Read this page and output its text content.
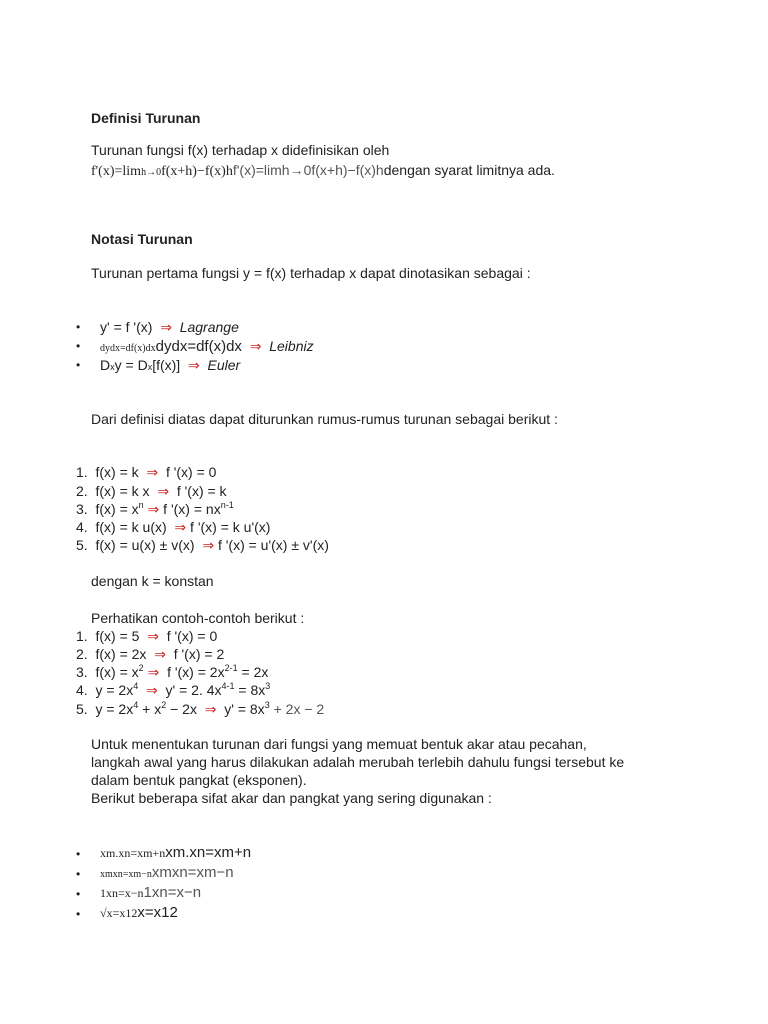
Definisi Turunan
Turunan fungsi f(x) terhadap x didefinisikan oleh
f'(x)=limh→0f(x+h)−f(x)hf'(x)=limh→0f(x+h)−f(x)hdengan syarat limitnya ada.
Notasi Turunan
Turunan pertama fungsi y = f(x) terhadap x dapat dinotasikan sebagai :
• y' = f '(x) ⇒ Lagrange
• dydx=df(x)dxdydx=df(x)dx ⇒ Leibniz
• Dxy = Dx[f(x)] ⇒ Euler
Dari definisi diatas dapat diturunkan rumus-rumus turunan sebagai berikut :
1. f(x) = k ⇒ f '(x) = 0
2. f(x) = k x ⇒ f '(x) = k
3. $f(x) = x^n$ ⇒ f '$(x) = nx^{n-1}$
4. f(x) = k u(x) ⇒ f '(x) = k u'(x)
5. f(x) = u(x) ± v(x) ⇒ f '(x) = u'(x) ± v'(x)
dengan k = konstan
Perhatikan contoh-contoh berikut :
1. f(x) = 5 ⇒ f '(x) = 0
2. f(x) = 2x ⇒ f '(x) = 2
3. $f(x) = x^2$ ⇒ f '$(x) = 2x^{2-1} = 2x$
4. $y = 2x^4$ ⇒ y' = 2. $4x^{4-1} = 8x^3$
5. $y = 2x^4 + x^2 - 2x$ ⇒ $y' = 8x^3 + 2x - 2$
Untuk menentukan turunan dari fungsi yang memuat bentuk akar atau pecahan,
langkah awal yang harus dilakukan adalah merubah terlebih dahulu fungsi tersebut ke
dalam bentuk pangkat (eksponen).
Berikut beberapa sifat akar dan pangkat yang sering digunakan :
• xm.xn=xm+nxm.xn=xm+n
• xmxn=xm−nxmxn=xm−n
• 1xn=x−n1xn=x−n
• √x=x12x=x12
